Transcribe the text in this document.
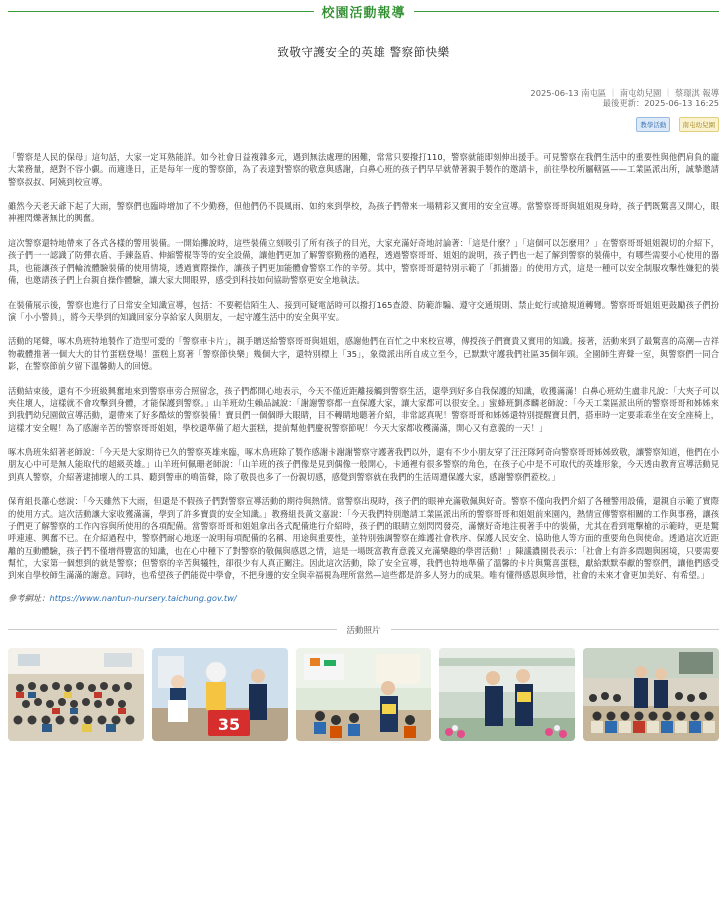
校園活動報導
致敬守護安全的英雄 警察節快樂
2025-06-13 南屯區 ｜ 南屯幼兒園 ｜ 蔡璟淇 報導
最後更新：2025-06-13 16:25
教學活動 南屯幼兒園

「警察是人民的保母」這句話，大家一定耳熟能詳。如今社會日益複雜多元，遇到無法處理的困難，常常只要撥打110，警察就能即刻伸出援手。可見警察在我們生活中的重要性與他們肩負的龐大業務量，絕對不容小覷。而適逢日，正是每年一度的警察節，為了表達對警察的敬意與感謝，白鼻心班的孩子們早早就帶著親手製作的邀請卡，前往學校所屬轄區——工業區派出所，誠摯邀請警察叔叔、阿姨到校宣導。

雖然今天老天爺下起了大雨，警察們也臨時增加了不少勤務，但他們仍不畏風雨、如約來到學校，為孩子們帶來一場精彩又實用的安全宣導。當警察哥哥與姐姐現身時，孩子們既驚喜又開心，眼神裡閃爍著無比的興奮。

這次警察還特地帶來了各式各樣的警用裝備。一開始攤說時，這些裝備立刻吸引了所有孩子的目光，大家充滿好奇地討論著：「這是什麼？」「這個可以怎麼用？」在警察哥哥姐姐親切的介紹下，孩子們一一認識了防彈衣盾、手鍊盔盾、伸縮警棍等等的安全設備，讓他們更加了解警察勤務的過程，透過警察哥哥、姐姐的說明，孩子們也一起了解到警察的裝備中，有哪些需要小心使用的器具，也能讓孩子們輪流體驗裝備的使用情境，透過實際操作，讓孩子們更加能體會警察工作的辛勞。其中，警察哥哥還特別示範了「抓捕器」的使用方式，這是一種可以安全制服攻擊性嫌犯的裝備，也邀請孩子們上台親自操作體驗，讓大家大開眼界，感受到科技如何協助警察更安全地執法。

在裝備展示後，警察也進行了日常安全知識宣導，包括：不要輕信陌生人、接到可疑電話時可以撥打165查證、防範詐騙、遵守交通規則、禁止蛇行或搶規道轉彎。警察哥哥姐姐更鼓勵孩子們扮演「小小警員」，將今天學到的知識回家分享給家人與朋友，一起守護生活中的安全與平安。

活動的尾聲，啄木鳥班特地製作了造型可愛的「警察車卡片」，親手贈送給警察哥哥與姐姐，感謝他們在百忙之中來校宣導，傳授孩子們寶貴又實用的知識。接著，活動來到了最驚喜的高潮—吉祥物載體推著一個大大的甘竹蛋糕登場！蛋糕上寫著「警察節快樂」幾個大字，還特別標上「35」，象徵派出所自成立至今，已默默守護我們社區35個年頭。全園師生齊聲一室，與警察們一同合影，在警察節前夕留下溫馨動人的回憶。

活動結束後，還有不少班級興奮地來到警察車旁合照留念，孩子們都開心地表示，今天不僅近距離接觸到警察生活，還學到好多自我保護的知識，收獲滿滿！白鼻心班幼生盧非凡說：「大夾子可以夾住壞人，這樣就不會攻擊到身體，才能保護到警察。」山羊班幼生賴品誠說：「謝謝警察都一直保護大家，讓大家都可以很安全。」蜜蜂班劉彥麟老師說：「今天工業區派出所的警察哥哥和姊姊來到我們幼兒園做宣導活動，還帶來了好多酷炫的警察裝備！寶貝們一個個睜大眼睛，目不轉睛地聽著介紹，非常認真呢！警察哥哥和姊姊還特別提醒寶貝們，搭車時一定要乖乖坐在安全座椅上，這樣才安全喔！為了感謝辛苦的警察哥哥姐姐，學校還準備了超大蛋糕，提前幫他們慶祝警察節呢！今天大家都收穫滿滿，開心又有意義的一天！」

啄木鳥班朱紹著老師說：「今天是大家期待已久的警察英雄來臨，啄木鳥班除了製作感謝卡謝謝警察守護著我們以外，還有不少小朋友穿了汪汪隊阿奇向警察哥哥姊姊致敬，讓警察知道，他們在小朋友心中可是無人能取代的超級英雄。」山羊班何佩珊老師說：「山羊班的孩子們像是見到偶像一般開心，卡通裡有很多警察的角色，在孩子心中是不可取代的英雄形象，今天透由教育宣導活動見到真人警察，介紹著逮捕壞人的工具、聽到警車的鳴笛聲，除了敬畏也多了一份親切感，感覺到警察就在我們的生活周遭保護大家，感謝警察們蒞校。」

保育組長蕭心慈說：「今天雖然下大雨，但還是不假孩子們對警察宣導活動的期待與熱情。當警察出現時，孩子們的眼神充滿敬佩與好奇。警察不僅向我們介紹了各種警用設備，還親自示範了實際的使用方式。這次活動讓大家收獲滿滿，學到了許多寶貴的安全知識。」教務組長黃文嘉說：「今天我們特別邀請工業區派出所的警察哥哥和姐姐前來園內，熱情宣傳警察相關的工作與事務，讓孩子們更了解警察的工作內容與所使用的各項配備。當警察哥哥和姐姐拿出各式配備進行介紹時，孩子們的眼睛立刻閃閃發亮，滿懷好奇地注視著手中的裝備，尤其在看到電擊槍的示範時，更是驚呼連連、興奮不已。在介紹過程中，警察們耐心地逐一說明每項配備的名稱、用途與重要性，並特別強調警察在維護社會秩序、保護人民安全、協助他人等方面的重要角色與使命。透過這次近距離的互動體驗，孩子們不僅增得豐富的知識，也在心中種下了對警察的敬佩與感恩之情，這是一場既富教育意義又充滿樂趣的學習活動！」陳議濃園長表示：「社會上有許多問題與困境，只要需要幫忙，大家第一個想到的就是警察；但警察的辛苦與犧牲，卻很少有人真正關注。因此這次活動，除了安全宣導，我們也特地準備了溫馨的卡片與驚喜蛋糕，獻給默默奉獻的警察們，讓他們感受到來自學校師生滿滿的謝意。同時，也希望孩子們能從中學會，不把身邊的安全與幸福視為理所當然—這些都是許多人努力的成果。唯有懂得感恩與珍惜，社會的未來才會更加美好、有希望。」

參考網址：https://www.nantun-nursery.taichung.gov.tw/
活動照片
35
